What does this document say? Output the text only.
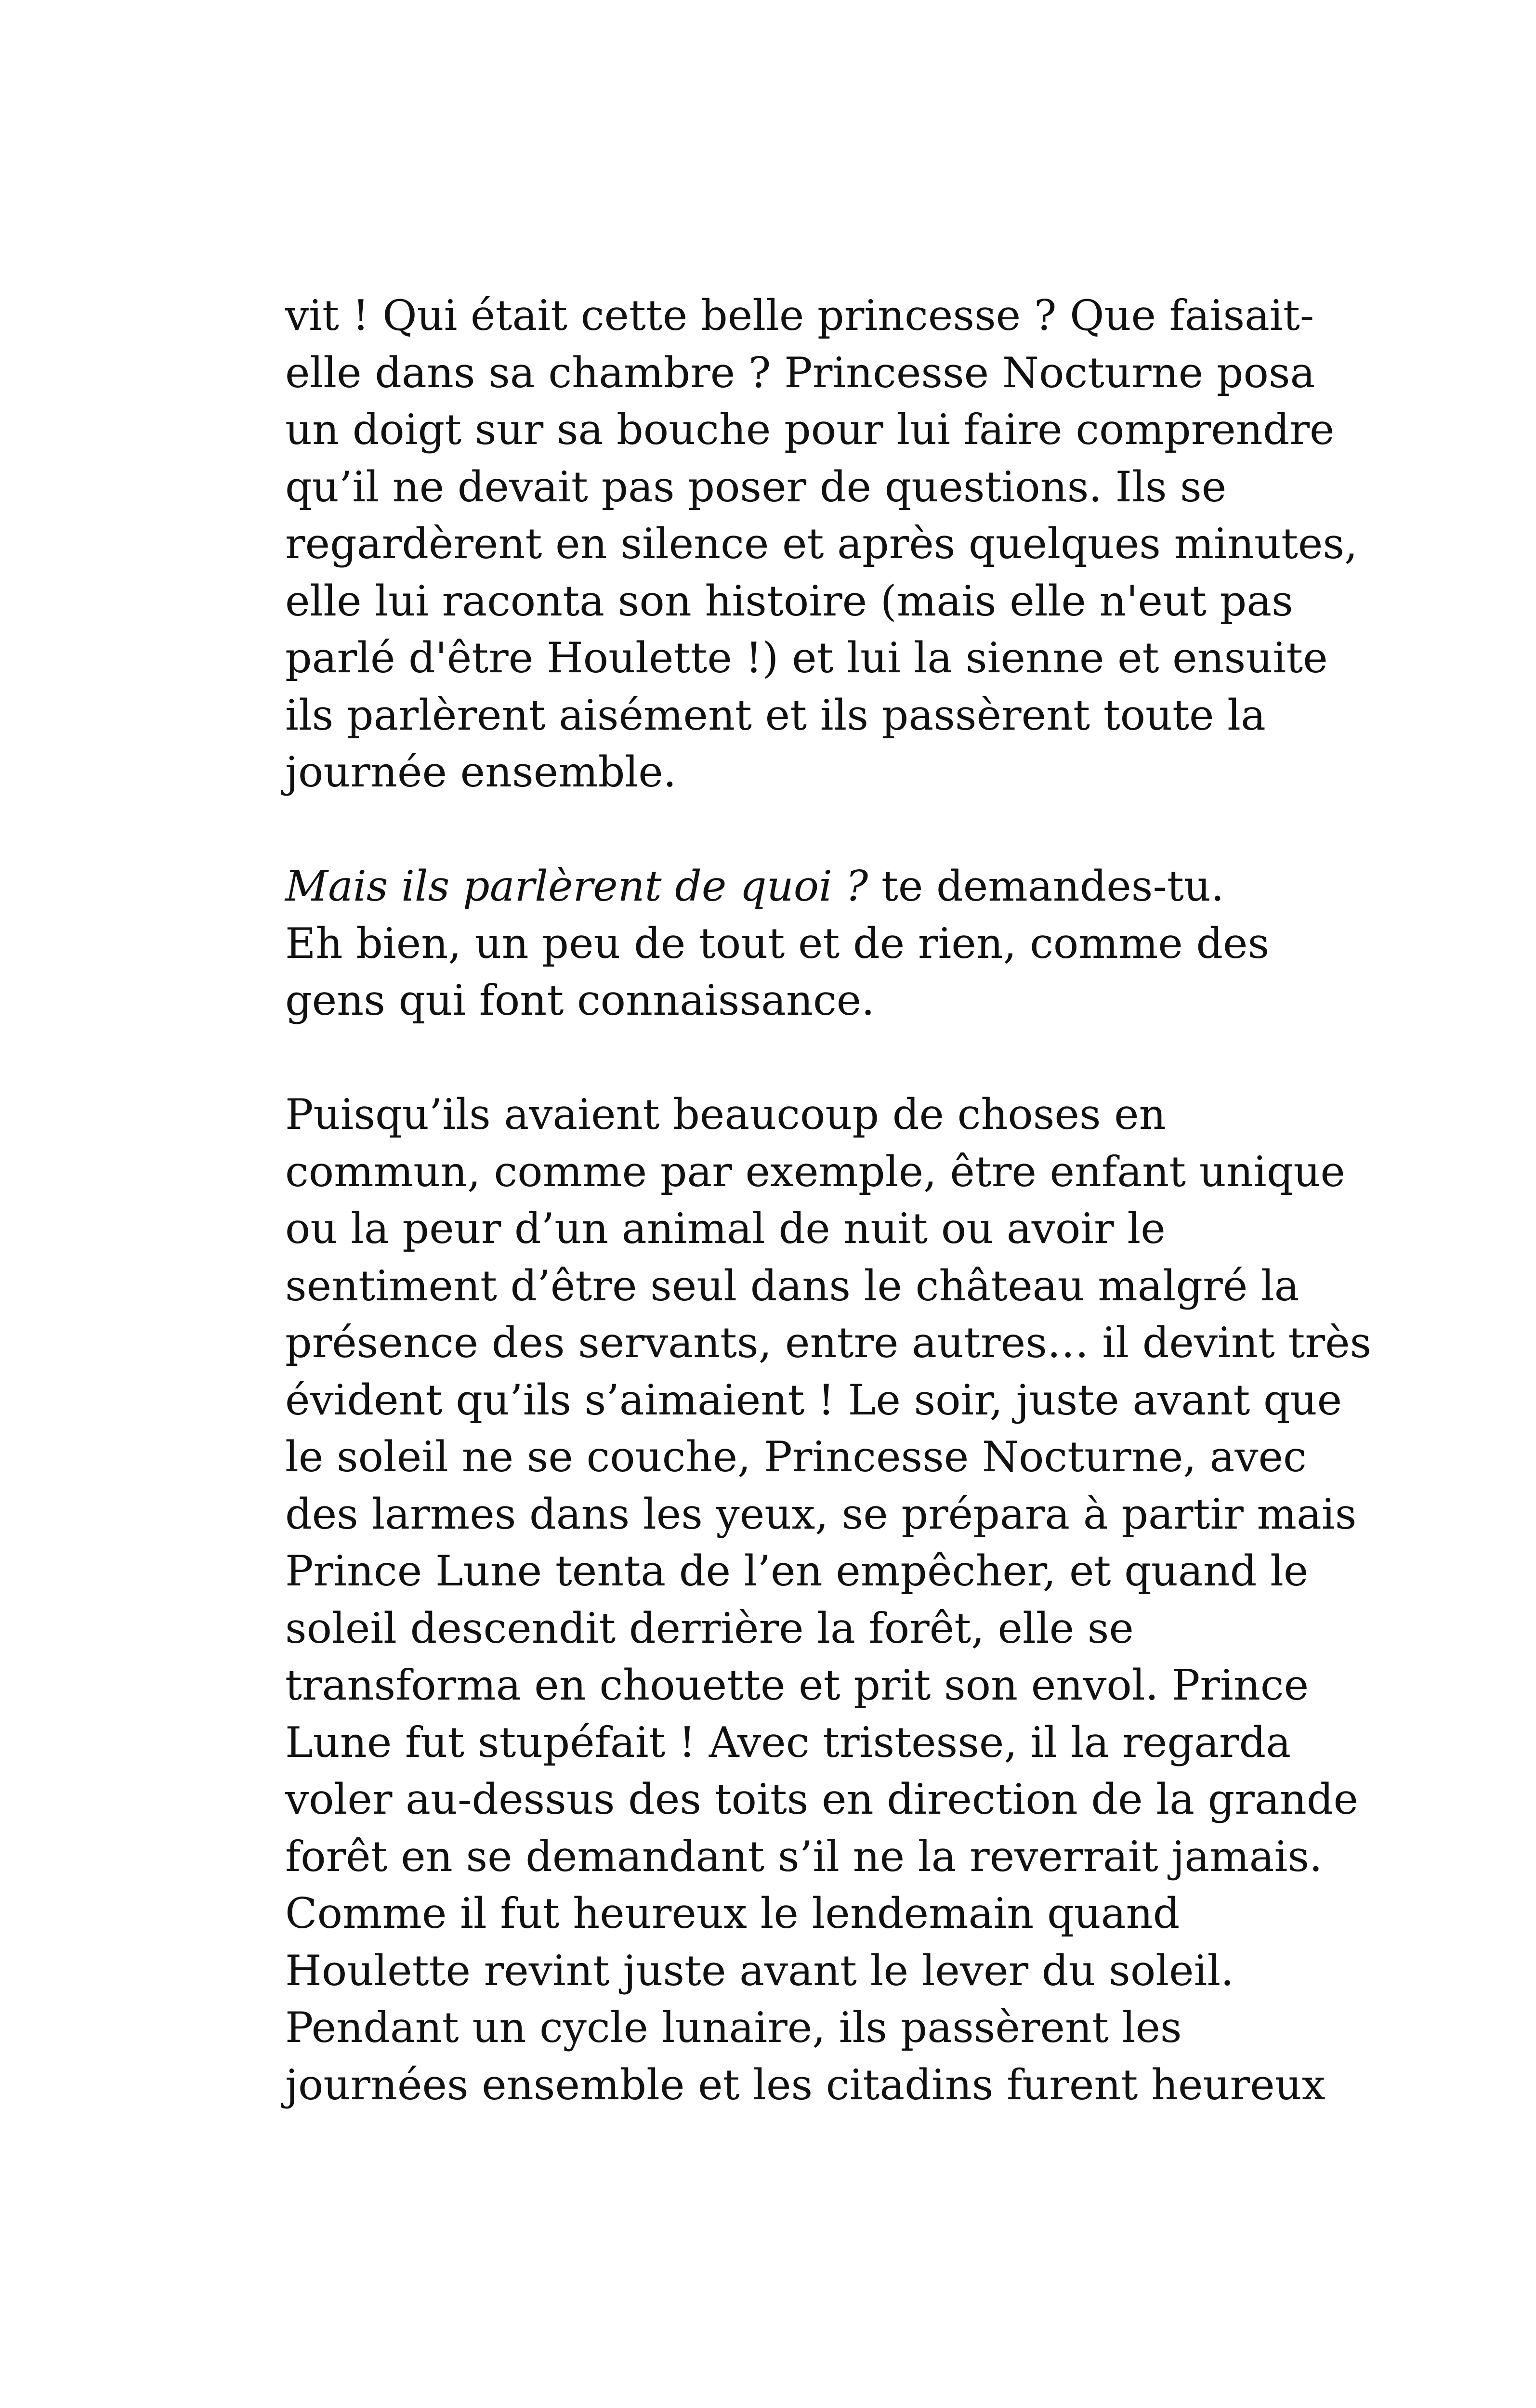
vit ! Qui était cette belle princesse ? Que faisait-
elle dans sa chambre ? Princesse Nocturne posa
un doigt sur sa bouche pour lui faire comprendre
qu’il ne devait pas poser de questions. Ils se
regardèrent en silence et après quelques minutes,
elle lui raconta son histoire (mais elle n'eut pas
parlé d'être Houlette !) et lui la sienne et ensuite
ils parlèrent aisément et ils passèrent toute la
journée ensemble.
Mais ils parlèrent de quoi ? te demandes-tu.
Eh bien, un peu de tout et de rien, comme des
gens qui font connaissance.
Puisqu’ils avaient beaucoup de choses en
commun, comme par exemple, être enfant unique
ou la peur d’un animal de nuit ou avoir le
sentiment d’être seul dans le château malgré la
présence des servants, entre autres… il devint très
évident qu’ils s’aimaient ! Le soir, juste avant que
le soleil ne se couche, Princesse Nocturne, avec
des larmes dans les yeux, se prépara à partir mais
Prince Lune tenta de l’en empêcher, et quand le
soleil descendit derrière la forêt, elle se
transforma en chouette et prit son envol. Prince
Lune fut stupéfait ! Avec tristesse, il la regarda
voler au-dessus des toits en direction de la grande
forêt en se demandant s’il ne la reverrait jamais.
Comme il fut heureux le lendemain quand
Houlette revint juste avant le lever du soleil.
Pendant un cycle lunaire, ils passèrent les
journées ensemble et les citadins furent heureux
